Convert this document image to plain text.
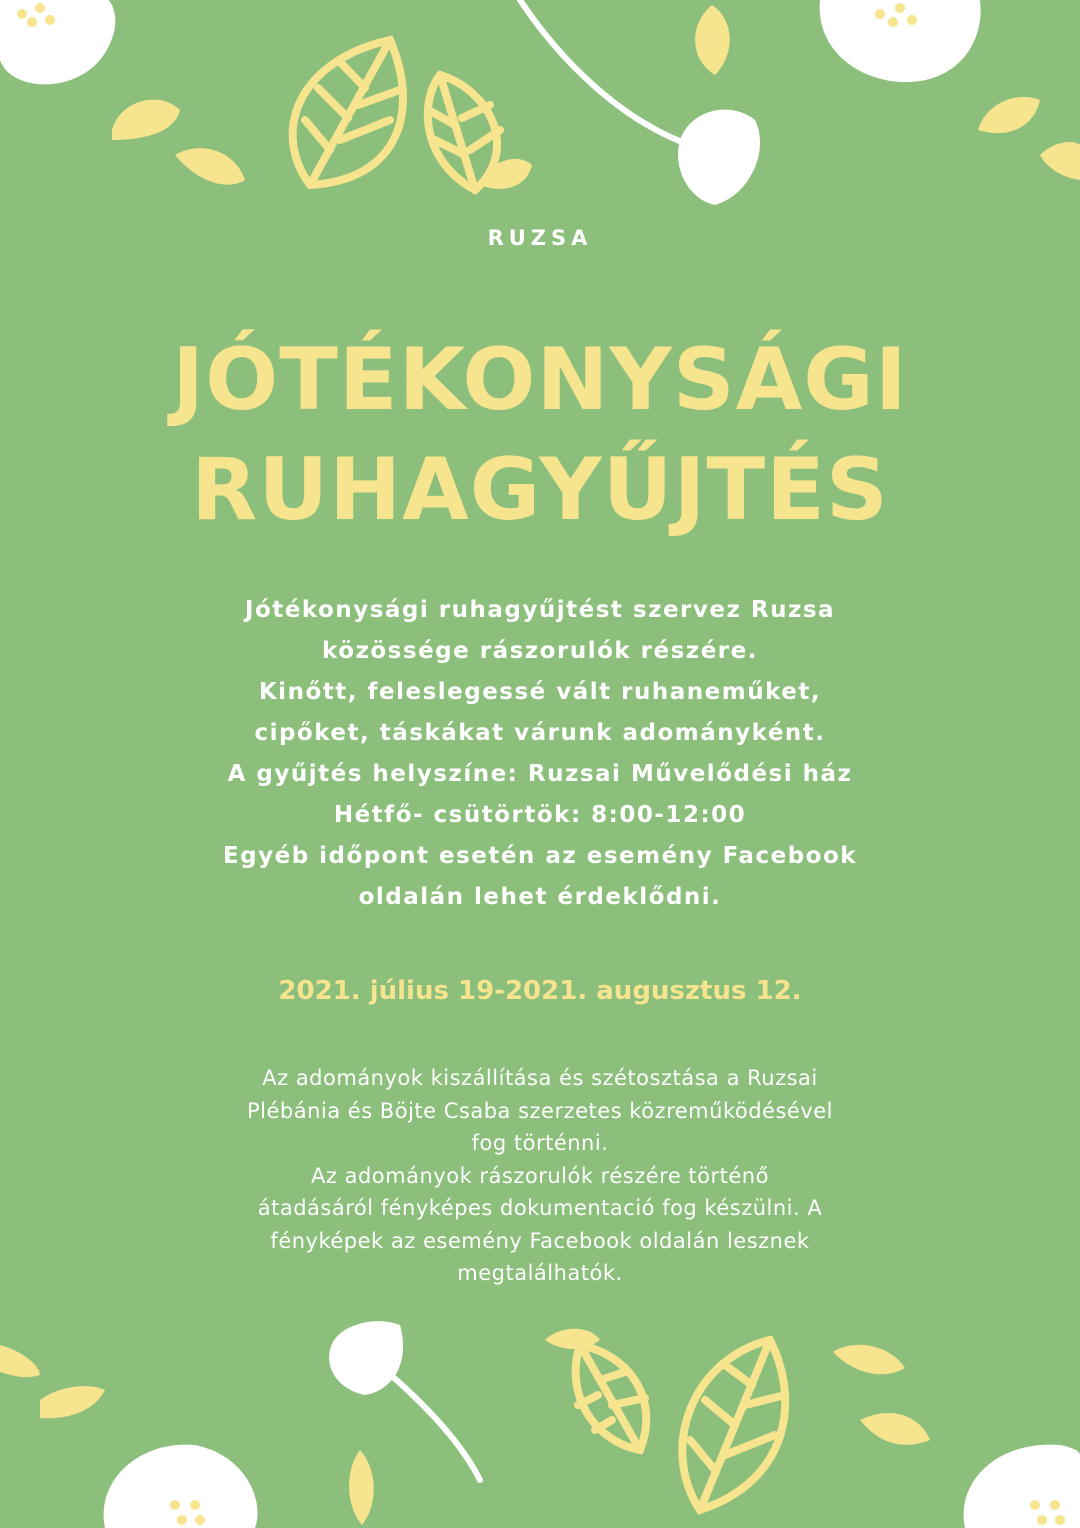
RUZSA
JÓTÉKONYSÁGI
RUHAGYŰJTÉS
Jótékonysági ruhagyűjtést szervez Ruzsa
közössége rászorulók részére.
Kinőtt, feleslegessé vált ruhaneműket,
cipőket, táskákat várunk adományként.
A gyűjtés helyszíne: Ruzsai Művelődési ház
Hétfő- csütörtök: 8:00-12:00
Egyéb időpont esetén az esemény Facebook
oldalán lehet érdeklődni.
2021. július 19-2021. augusztus 12.
Az adományok kiszállítása és szétosztása a Ruzsai
Plébánia és Böjte Csaba szerzetes közreműködésével
fog történni.
Az adományok rászorulók részére történő
átadásáról fényképes dokumentació fog készülni. A
fényképek az esemény Facebook oldalán lesznek
megtalálhatók.
